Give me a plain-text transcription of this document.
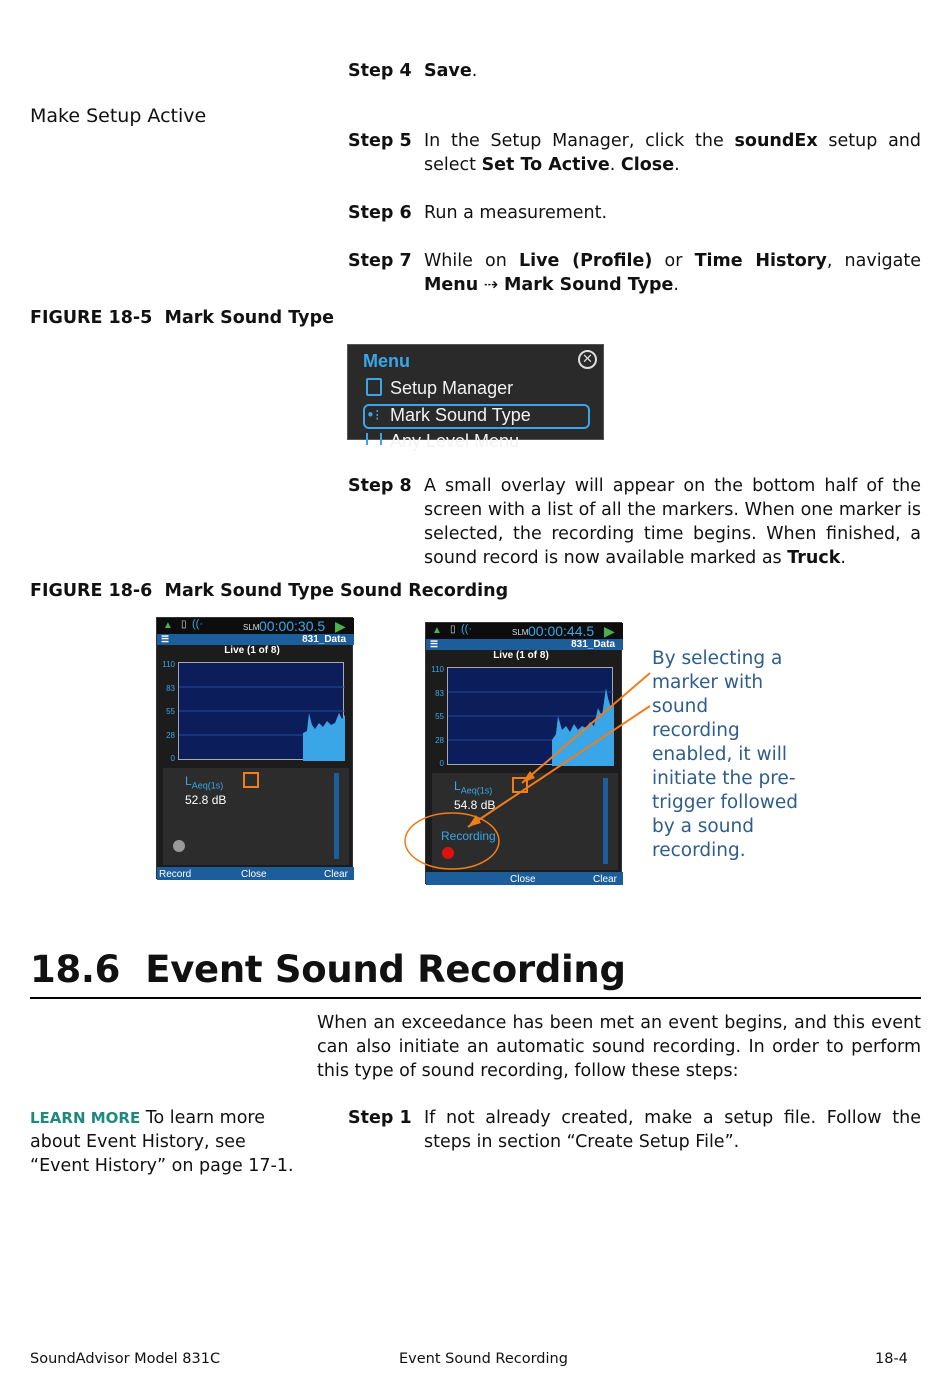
Step 4 Save.
Make Setup Active
Step 5 In the Setup Manager, click the soundEx setup and select Set To Active. Close.
Step 6 Run a measurement.
Step 7 While on Live (Profile) or Time History, navigate Menu ⇢ Mark Sound Type.
FIGURE 18-5 Mark Sound Type
Menu	✕
Setup Manager
•⁝ Mark Sound Type
Any Level Menu
Step 8 A small overlay will appear on the bottom half of the screen with a list of all the markers. When one marker is selected, the recording time begins. When finished, a sound record is now available marked as Truck.
FIGURE 18-6 Mark Sound Type Sound Recording
▲ ▯ ((·	SLM 00:00:30.5 ▶
☰	831_Data
Live (1 of 8)
110
83
55
28
0
$L_{Aeq(1s)}$
52.8 dB
Record	Close	Clear
▲ ▯ ((·	SLM 00:00:44.5 ▶
☰	831_Data
Live (1 of 8)
110
83
55
28
0
$L_{Aeq(1s)}$
54.8 dB
Recording
Close	Clear
By selecting a
marker with
sound
recording
enabled, it will
initiate the pre-
trigger followed
by a sound
recording.
18.6 Event Sound Recording
When an exceedance has been met an event begins, and this event can also initiate an automatic sound recording. In order to perform this type of sound recording, follow these steps:
LEARN MORE To learn more
about Event History, see
“Event History” on page 17-1.
Step 1 If not already created, make a setup file. Follow the steps in section “Create Setup File”.
SoundAdvisor Model 831C	Event Sound Recording	18-4
